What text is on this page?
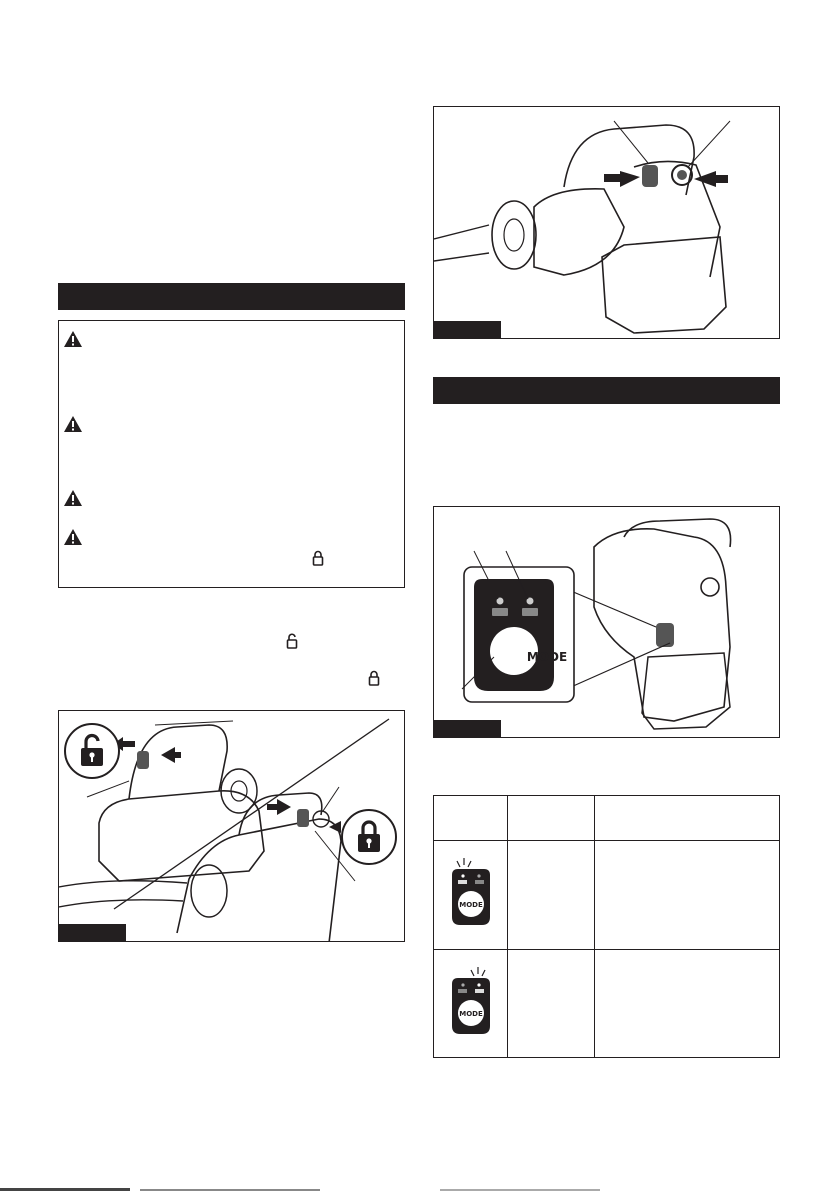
MODE

MODE		

MODE		
